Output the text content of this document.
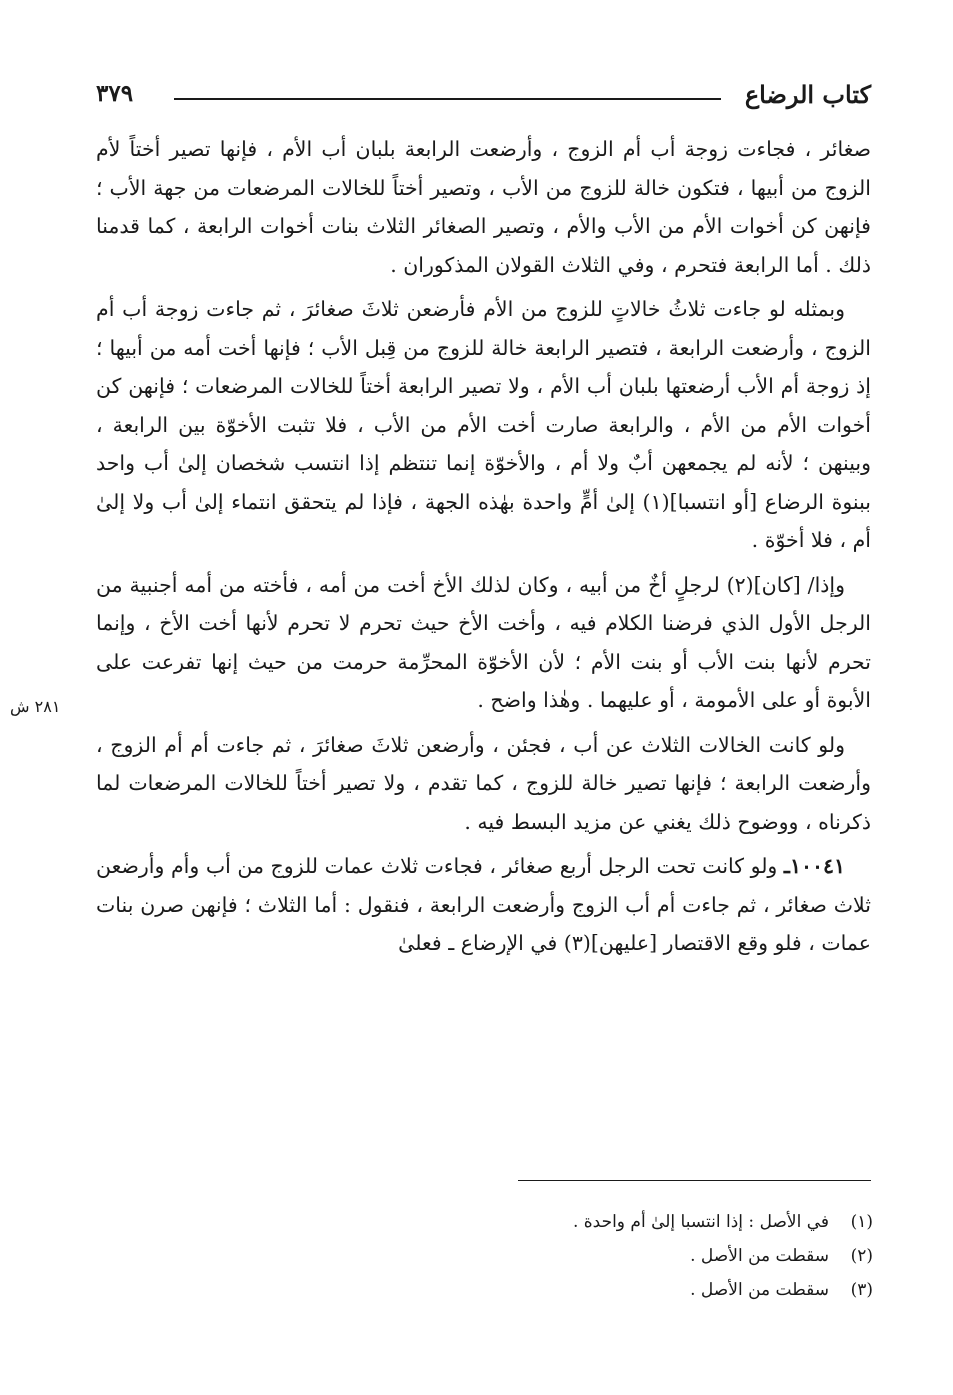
كتاب الرضاع
٣٧٩
٢٨١ ش

صغائر ، فجاءت زوجة أب أم الزوج ، وأرضعت الرابعة بلبان أب الأم ، فإنها تصير أختاً لأم الزوج من أبيها ، فتكون خالة للزوج من الأب ، وتصير أختاً للخالات المرضعات من جهة الأب ؛ فإنهن كن أخوات الأم من الأب والأم ، وتصير الصغائر الثلاث بنات أخوات الرابعة ، كما قدمنا ذلك . أما الرابعة فتحرم ، وفي الثلاث القولان المذكوران .

وبمثله لو جاءت ثلاثُ خالاتٍ للزوج من الأم فأرضعن ثلاثَ صغائرَ ، ثم جاءت زوجة أب أم الزوج ، وأرضعت الرابعة ، فتصير الرابعة خالة للزوج من قِبل الأب ؛ فإنها أخت أمه من أبيها ؛ إذ زوجة أم الأب أرضعتها بلبان أب الأم ، ولا تصير الرابعة أختاً للخالات المرضعات ؛ فإنهن كن أخوات الأم من الأم ، والرابعة صارت أخت الأم من الأب ، فلا تثبت الأخوّة بين الرابعة ، وبينهن ؛ لأنه لم يجمعهن أبٌ ولا أم ، والأخوّة إنما تنتظم إذا انتسب شخصان إلىٰ أب واحد ببنوة الرضاع [أو انتسبا](١) إلىٰ أمٍّ واحدة بهٰذه الجهة ، فإذا لم يتحقق انتماء إلىٰ أب ولا إلىٰ أم ، فلا أخوّة .

وإذا/ [كان](٢) لرجلٍ أخٌ من أبيه ، وكان لذلك الأخ أخت من أمه ، فأخته من أمه أجنبية من الرجل الأول الذي فرضنا الكلام فيه ، وأخت الأخ حيث تحرم لا تحرم لأنها أخت الأخ ، وإنما تحرم لأنها بنت الأب أو بنت الأم ؛ لأن الأخوّة المحرِّمة حرمت من حيث إنها تفرعت على الأبوة أو على الأمومة ، أو عليهما . وهٰذا واضح .

ولو كانت الخالات الثلاث عن أب ، فجئن ، وأرضعن ثلاثَ صغائرَ ، ثم جاءت أم أم الزوج ، وأرضعت الرابعة ؛ فإنها تصير خالة للزوج ، كما تقدم ، ولا تصير أختاً للخالات المرضعات لما ذكرناه ، ووضوح ذلك يغني عن مزيد البسط فيه .

١٠٠٤١ـ ولو كانت تحت الرجل أربع صغائر ، فجاءت ثلاث عمات للزوج من أب وأم وأرضعن ثلاث صغائر ، ثم جاءت أم أب الزوج وأرضعت الرابعة ، فنقول : أما الثلاث ؛ فإنهن صرن بنات عمات ، فلو وقع الاقتصار [عليهن](٣) في الإرضاع ـ فعلىٰ

(١)
في الأصل : إذا انتسبا إلىٰ أم واحدة .
(٢)
سقطت من الأصل .
(٣)
سقطت من الأصل .
